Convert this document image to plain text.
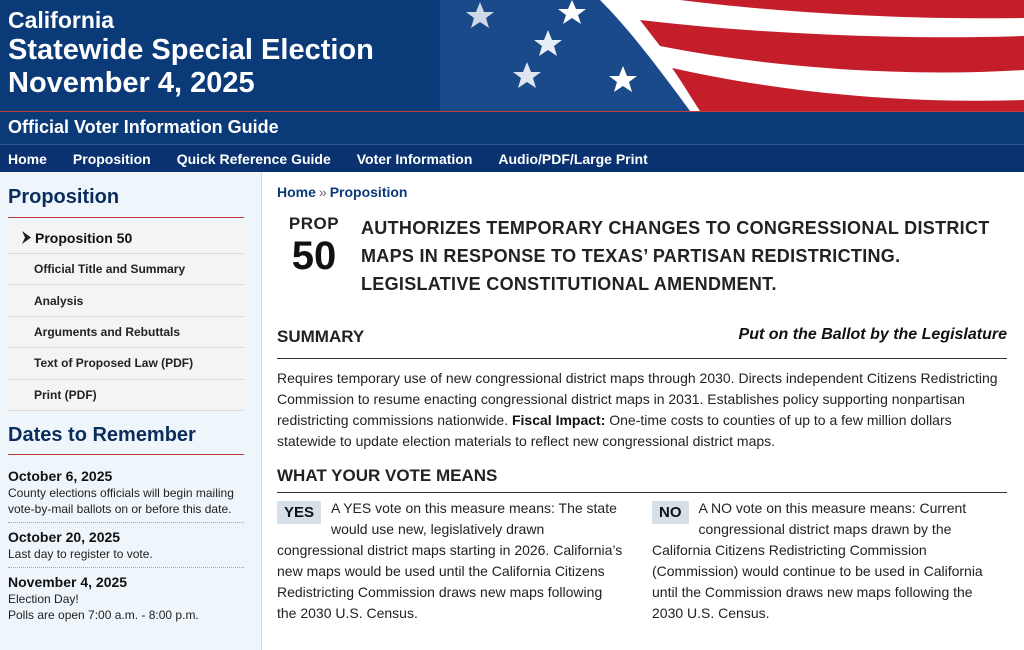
California
Statewide Special Election
November 4, 2025
Official Voter Information Guide
Home Proposition Quick Reference Guide Voter Information Audio/PDF/Large Print
Proposition
Proposition 50
Official Title and Summary
Analysis
Arguments and Rebuttals
Text of Proposed Law (PDF)
Print (PDF)
Dates to Remember
October 6, 2025
County elections officials will begin mailing vote-by-mail ballots on or before this date.
October 20, 2025
Last day to register to vote.
November 4, 2025
Election Day!
Polls are open 7:00 a.m. - 8:00 p.m.
Home » Proposition
PROP
50
AUTHORIZES TEMPORARY CHANGES TO CONGRESSIONAL DISTRICT MAPS IN RESPONSE TO TEXAS’ PARTISAN REDISTRICTING. LEGISLATIVE CONSTITUTIONAL AMENDMENT.
SUMMARY	Put on the Ballot by the Legislature
Requires temporary use of new congressional district maps through 2030. Directs independent Citizens Redistricting Commission to resume enacting congressional district maps in 2031. Establishes policy supporting nonpartisan redistricting commissions nationwide. Fiscal Impact: One-time costs to counties of up to a few million dollars statewide to update election materials to reflect new congressional district maps.
WHAT YOUR VOTE MEANS
YES	A YES vote on this measure means: The state would use new, legislatively drawn congressional district maps starting in 2026. California’s new maps would be used until the California Citizens Redistricting Commission draws new maps following the 2030 U.S. Census.
NO	A NO vote on this measure means: Current congressional district maps drawn by the California Citizens Redistricting Commission (Commission) would continue to be used in California until the Commission draws new maps following the 2030 U.S. Census.
